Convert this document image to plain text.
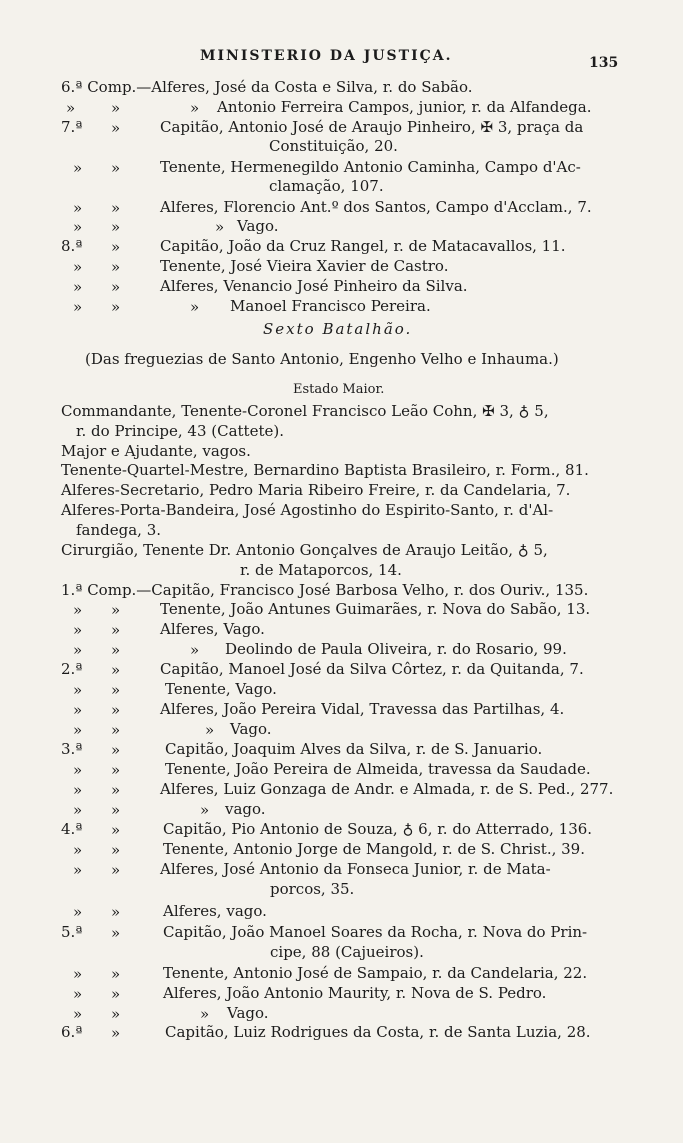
MINISTERIO DA JUSTIÇA.	135
6.ª Comp.—Alferes, José da Costa e Silva, r. do Sabão.
» »	» Antonio Ferreira Campos, junior, r. da Alfandega.
7.ª »	Capitão, Antonio José de Araujo Pinheiro, ✠ 3, praça da
Constituição, 20.
» »	Tenente, Hermenegildo Antonio Caminha, Campo d'Ac-
clamação, 107.
» »	Alferes, Florencio Ant.º dos Santos, Campo d'Acclam., 7.
» »	» Vago.
8.ª »	Capitão, João da Cruz Rangel, r. de Matacavallos, 11.
» »	Tenente, José Vieira Xavier de Castro.
» »	Alferes, Venancio José Pinheiro da Silva.
» »	» Manoel Francisco Pereira.
Sexto Batalhão.
(Das freguezias de Santo Antonio, Engenho Velho e Inhauma.)
Estado Maior.
Commandante, Tenente-Coronel Francisco Leão Cohn, ✠ 3, ♁ 5,
r. do Principe, 43 (Cattete).
Major e Ajudante, vagos.
Tenente-Quartel-Mestre, Bernardino Baptista Brasileiro, r. Form., 81.
Alferes-Secretario, Pedro Maria Ribeiro Freire, r. da Candelaria, 7.
Alferes-Porta-Bandeira, José Agostinho do Espirito-Santo, r. d'Al-
fandega, 3.
Cirurgião, Tenente Dr. Antonio Gonçalves de Araujo Leitão, ♁ 5,
r. de Mataporcos, 14.
1.ª Comp.—Capitão, Francisco José Barbosa Velho, r. dos Ouriv., 135.
» »	Tenente, João Antunes Guimarães, r. Nova do Sabão, 13.
» »	Alferes, Vago.
» »	» Deolindo de Paula Oliveira, r. do Rosario, 99.
2.ª »	Capitão, Manoel José da Silva Côrtez, r. da Quitanda, 7.
» »	Tenente, Vago.
» »	Alferes, João Pereira Vidal, Travessa das Partilhas, 4.
» »	» Vago.
3.ª »	Capitão, Joaquim Alves da Silva, r. de S. Januario.
» »	Tenente, João Pereira de Almeida, travessa da Saudade.
» »	Alferes, Luiz Gonzaga de Andr. e Almada, r. de S. Ped., 277.
» »	» vago.
4.ª »	Capitão, Pio Antonio de Souza, ♁ 6, r. do Atterrado, 136.
» »	Tenente, Antonio Jorge de Mangold, r. de S. Christ., 39.
» »	Alferes, José Antonio da Fonseca Junior, r. de Mata-
porcos, 35.
» »	Alferes, vago.
5.ª »	Capitão, João Manoel Soares da Rocha, r. Nova do Prin-
cipe, 88 (Cajueiros).
» »	Tenente, Antonio José de Sampaio, r. da Candelaria, 22.
» »	Alferes, João Antonio Maurity, r. Nova de S. Pedro.
» »	» Vago.
6.ª »	Capitão, Luiz Rodrigues da Costa, r. de Santa Luzia, 28.
